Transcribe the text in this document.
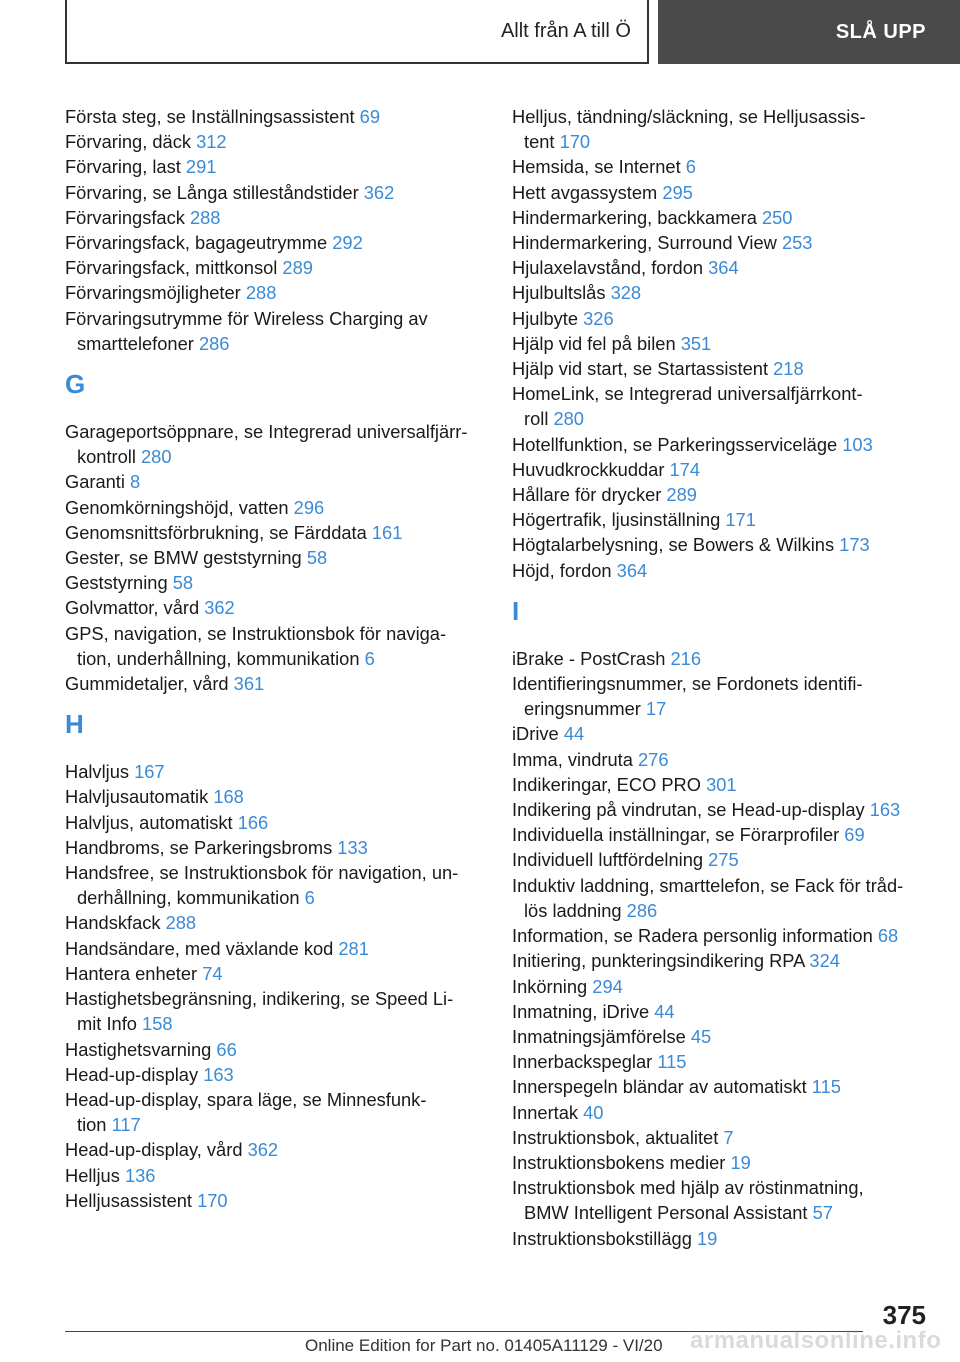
Allt från A till Ö	SLÅ UPP
Första steg, se Inställningsassistent 69
Förvaring, däck 312
Förvaring, last 291
Förvaring, se Långa stilleståndstider 362
Förvaringsfack 288
Förvaringsfack, bagageutrymme 292
Förvaringsfack, mittkonsol 289
Förvaringsmöjligheter 288
Förvaringsutrymme för Wireless Charging av
smarttelefoner 286
G
Garageportsöppnare, se Integrerad universalfjärr-
kontroll 280
Garanti 8
Genomkörningshöjd, vatten 296
Genomsnittsförbrukning, se Färddata 161
Gester, se BMW geststyrning 58
Geststyrning 58
Golvmattor, vård 362
GPS, navigation, se Instruktionsbok för naviga-
tion, underhållning, kommunikation 6
Gummidetaljer, vård 361
H
Halvljus 167
Halvljusautomatik 168
Halvljus, automatiskt 166
Handbroms, se Parkeringsbroms 133
Handsfree, se Instruktionsbok för navigation, un-
derhållning, kommunikation 6
Handskfack 288
Handsändare, med växlande kod 281
Hantera enheter 74
Hastighetsbegränsning, indikering, se Speed Li-
mit Info 158
Hastighetsvarning 66
Head-up-display 163
Head-up-display, spara läge, se Minnesfunk-
tion 117
Head-up-display, vård 362
Helljus 136
Helljusassistent 170
Helljus, tändning/släckning, se Helljusassis-
tent 170
Hemsida, se Internet 6
Hett avgassystem 295
Hindermarkering, backkamera 250
Hindermarkering, Surround View 253
Hjulaxelavstånd, fordon 364
Hjulbultslås 328
Hjulbyte 326
Hjälp vid fel på bilen 351
Hjälp vid start, se Startassistent 218
HomeLink, se Integrerad universalfjärrkont-
roll 280
Hotellfunktion, se Parkeringsserviceläge 103
Huvudkrockkuddar 174
Hållare för drycker 289
Högertrafik, ljusinställning 171
Högtalarbelysning, se Bowers & Wilkins 173
Höjd, fordon 364
I
iBrake - PostCrash 216
Identifieringsnummer, se Fordonets identifi-
eringsnummer 17
iDrive 44
Imma, vindruta 276
Indikeringar, ECO PRO 301
Indikering på vindrutan, se Head-up-display 163
Individuella inställningar, se Förarprofiler 69
Individuell luftfördelning 275
Induktiv laddning, smarttelefon, se Fack för tråd-
lös laddning 286
Information, se Radera personlig information 68
Initiering, punkteringsindikering RPA 324
Inkörning 294
Inmatning, iDrive 44
Inmatningsjämförelse 45
Innerbackspeglar 115
Innerspegeln bländar av automatiskt 115
Innertak 40
Instruktionsbok, aktualitet 7
Instruktionsbokens medier 19
Instruktionsbok med hjälp av röstinmatning,
BMW Intelligent Personal Assistant 57
Instruktionsbokstillägg 19
375
Online Edition for Part no. 01405A11129 - VI/20 armanualsonline.info
